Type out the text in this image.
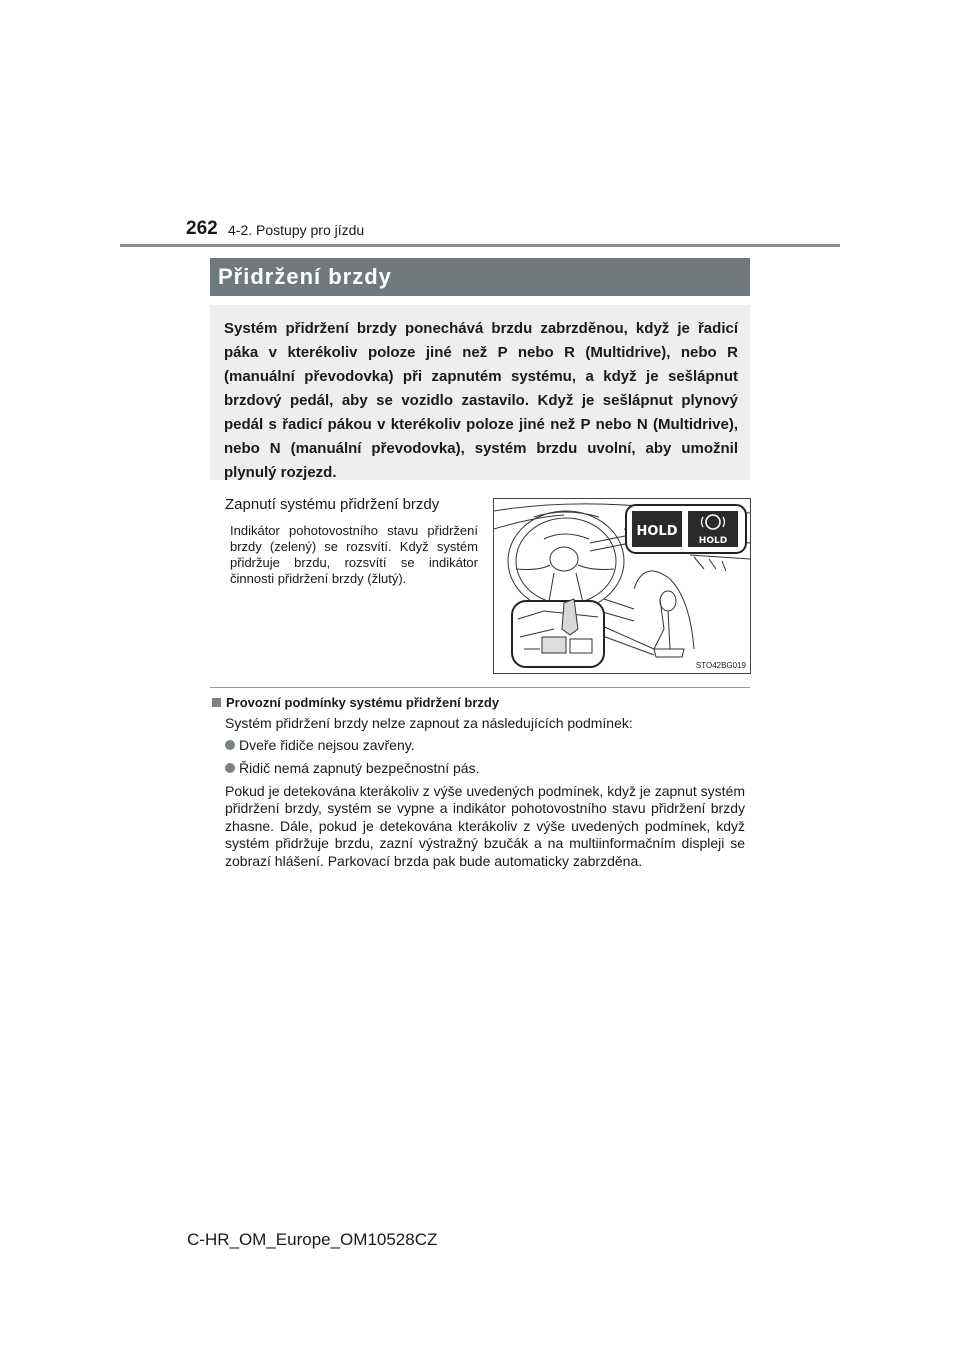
262 4-2. Postupy pro jízdu
Přidržení brzdy

Systém přidržení brzdy ponechává brzdu zabrzděnou, když je řadicí páka v kterékoliv poloze jiné než P nebo R (Multidrive), nebo R (manuální převodovka) při zapnutém systému, a když je sešlápnut brzdový pedál, aby se vozidlo zastavilo. Když je sešlápnut plynový pedál s řadicí pákou v kterékoliv poloze jiné než P nebo N (Multidrive), nebo N (manuální převodovka), systém brzdu uvolní, aby umožnil plynulý rozjezd.

Zapnutí systému přidržení brzdy

Indikátor pohotovostního stavu přidržení brzdy (zelený) se rozsvítí. Když systém přidržuje brzdu, rozsvítí se indikátor činnosti přidržení brzdy (žlutý).

HOLD
HOLD
STO42BG019
Provozní podmínky systému přidržení brzdy
Systém přidržení brzdy nelze zapnout za následujících podmínek:
Dveře řidiče nejsou zavřeny.
Řidič nemá zapnutý bezpečnostní pás.

Pokud je detekována kterákoliv z výše uvedených podmínek, když je zapnut systém přidržení brzdy, systém se vypne a indikátor pohotovostního stavu přidržení brzdy zhasne. Dále, pokud je detekována kterákoliv z výše uvedených podmínek, když systém přidržuje brzdu, zazní výstražný bzučák a na multiinformačním displeji se zobrazí hlášení. Parkovací brzda pak bude automaticky zabrzděna.

C-HR_OM_Europe_OM10528CZ
